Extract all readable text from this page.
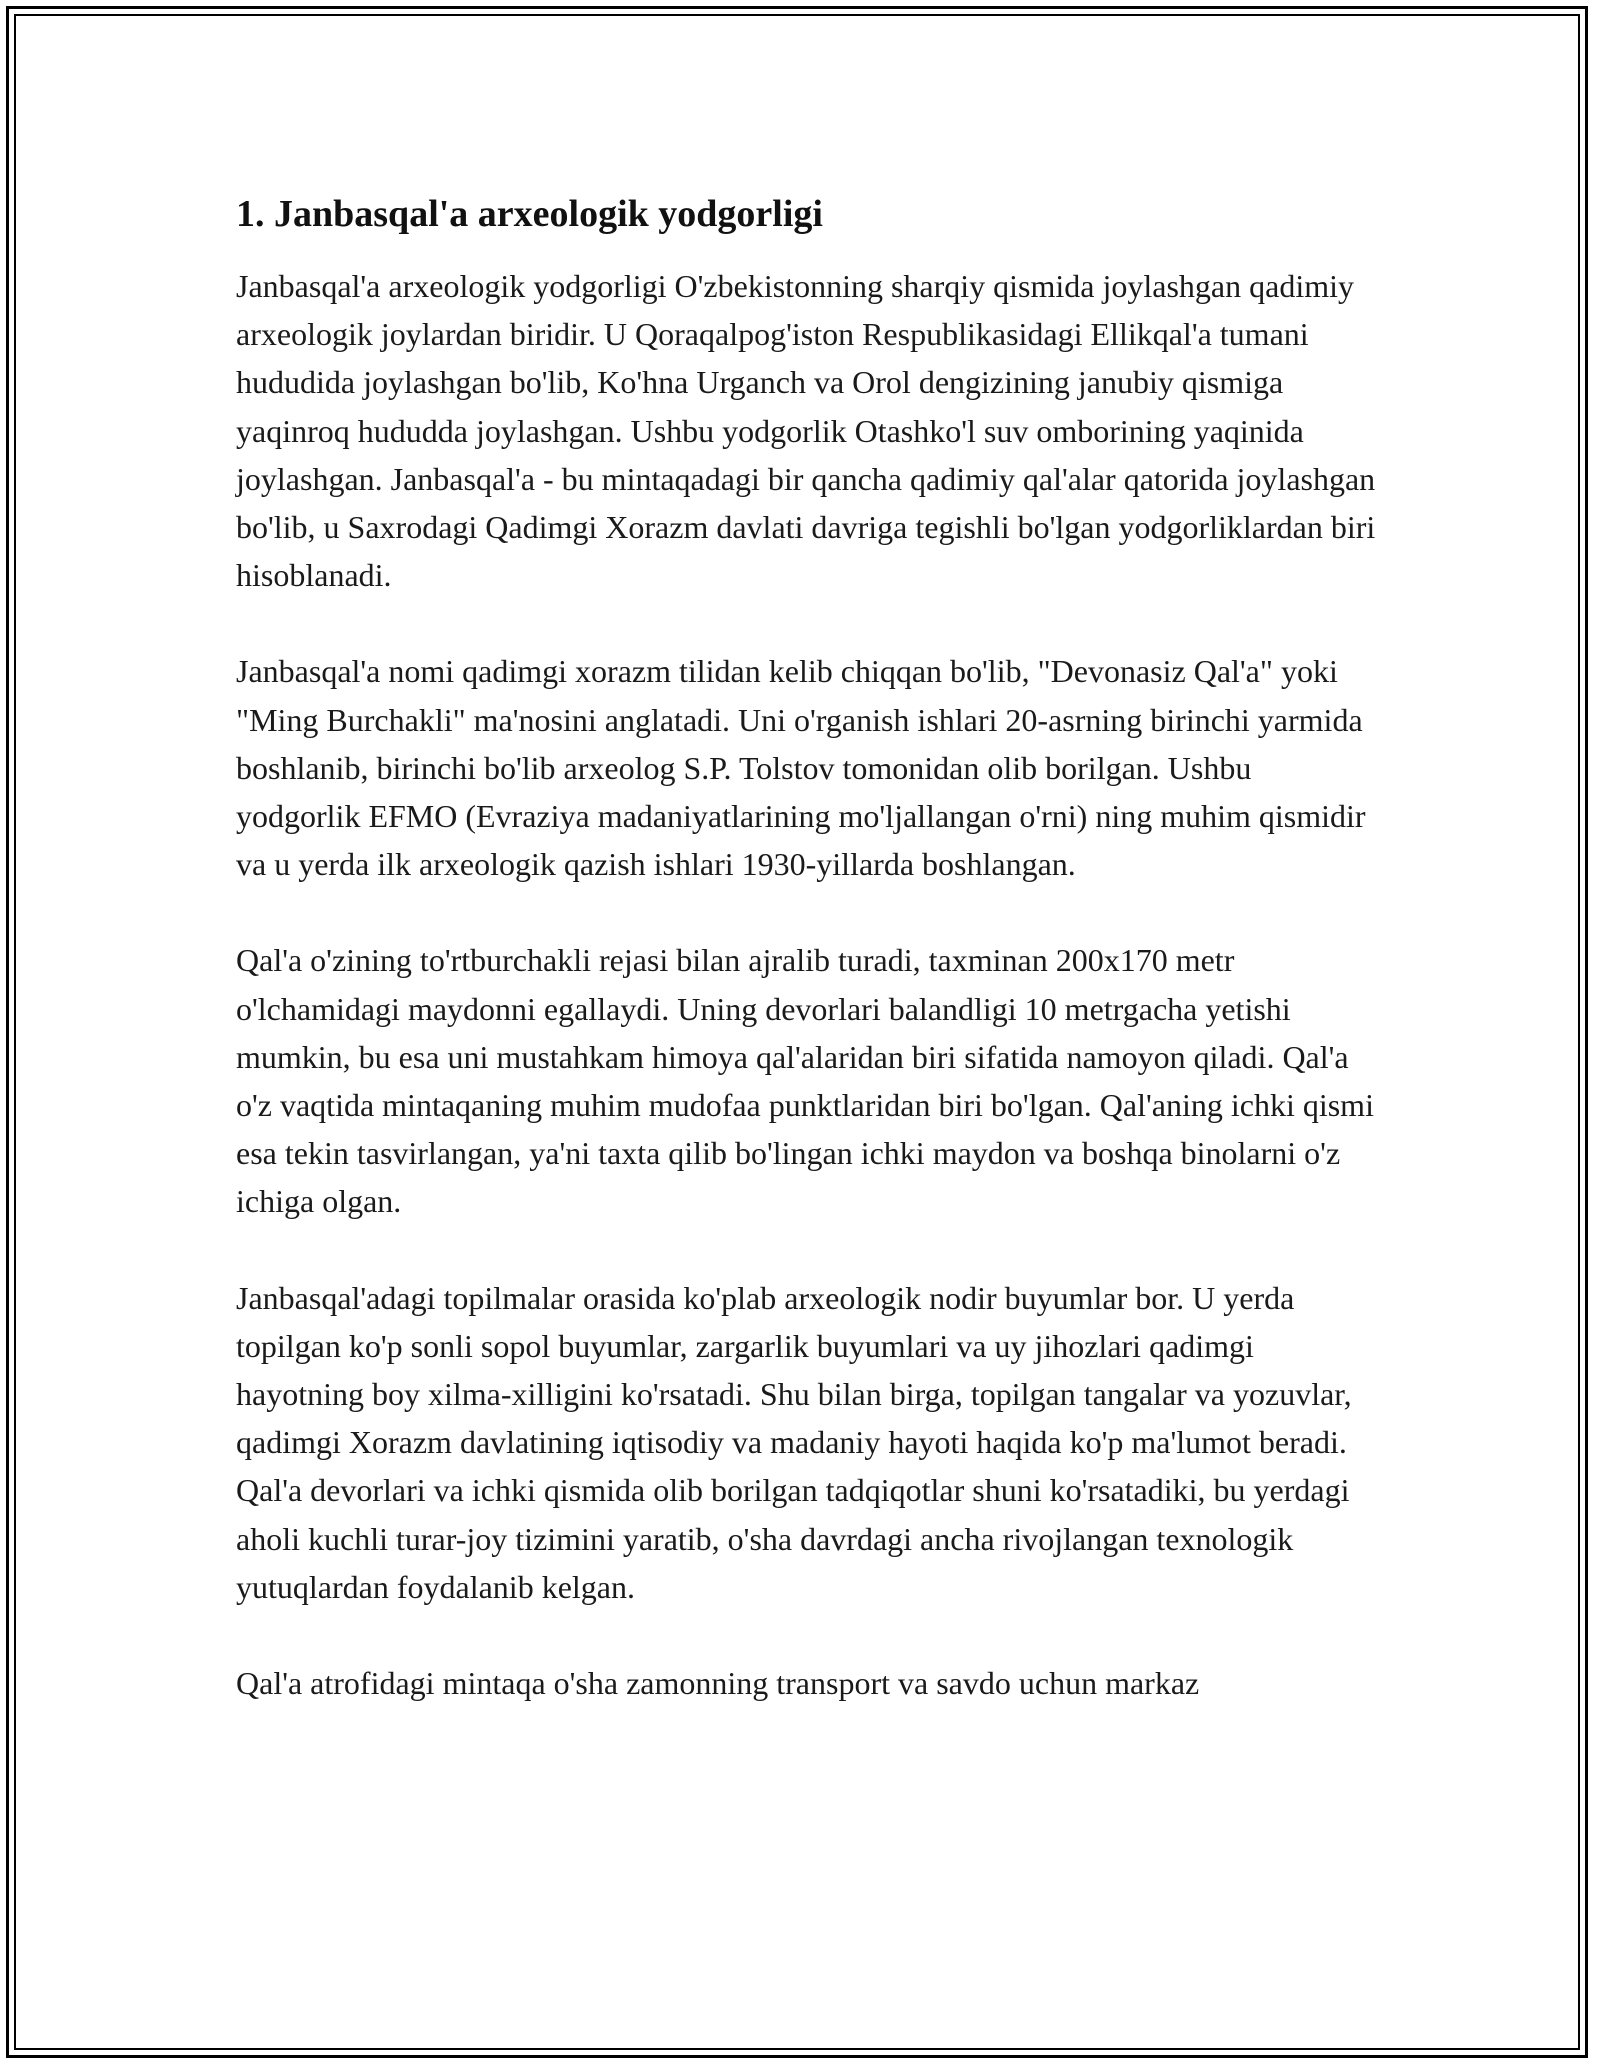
1. Janbasqal'a arxeologik yodgorligi

Janbasqal'a arxeologik yodgorligi O'zbekistonning sharqiy qismida joylashgan qadimiy arxeologik joylardan biridir. U Qoraqalpog'iston Respublikasidagi Ellikqal'a tumani hududida joylashgan bo'lib, Ko'hna Urganch va Orol dengizining janubiy qismiga yaqinroq hududda joylashgan. Ushbu yodgorlik Otashko'l suv omborining yaqinida joylashgan. Janbasqal'a - bu mintaqadagi bir qancha qadimiy qal'alar qatorida joylashgan bo'lib, u Saxrodagi Qadimgi Xorazm davlati davriga tegishli bo'lgan yodgorliklardan biri hisoblanadi.

Janbasqal'a nomi qadimgi xorazm tilidan kelib chiqqan bo'lib, "Devonasiz Qal'a" yoki "Ming Burchakli" ma'nosini anglatadi. Uni o'rganish ishlari 20-asrning birinchi yarmida boshlanib, birinchi bo'lib arxeolog S.P. Tolstov tomonidan olib borilgan. Ushbu yodgorlik EFMO (Evraziya madaniyatlarining mo'ljallangan o'rni) ning muhim qismidir va u yerda ilk arxeologik qazish ishlari 1930-yillarda boshlangan.

Qal'a o'zining to'rtburchakli rejasi bilan ajralib turadi, taxminan 200x170 metr o'lchamidagi maydonni egallaydi. Uning devorlari balandligi 10 metrgacha yetishi mumkin, bu esa uni mustahkam himoya qal'alaridan biri sifatida namoyon qiladi. Qal'a o'z vaqtida mintaqaning muhim mudofaa punktlaridan biri bo'lgan. Qal'aning ichki qismi esa tekin tasvirlangan, ya'ni taxta qilib bo'lingan ichki maydon va boshqa binolarni o'z ichiga olgan.

Janbasqal'adagi topilmalar orasida ko'plab arxeologik nodir buyumlar bor. U yerda topilgan ko'p sonli sopol buyumlar, zargarlik buyumlari va uy jihozlari qadimgi hayotning boy xilma-xilligini ko'rsatadi. Shu bilan birga, topilgan tangalar va yozuvlar, qadimgi Xorazm davlatining iqtisodiy va madaniy hayoti haqida ko'p ma'lumot beradi. Qal'a devorlari va ichki qismida olib borilgan tadqiqotlar shuni ko'rsatadiki, bu yerdagi aholi kuchli turar-joy tizimini yaratib, o'sha davrdagi ancha rivojlangan texnologik yutuqlardan foydalanib kelgan.

Qal'a atrofidagi mintaqa o'sha zamonning transport va savdo uchun markaz
